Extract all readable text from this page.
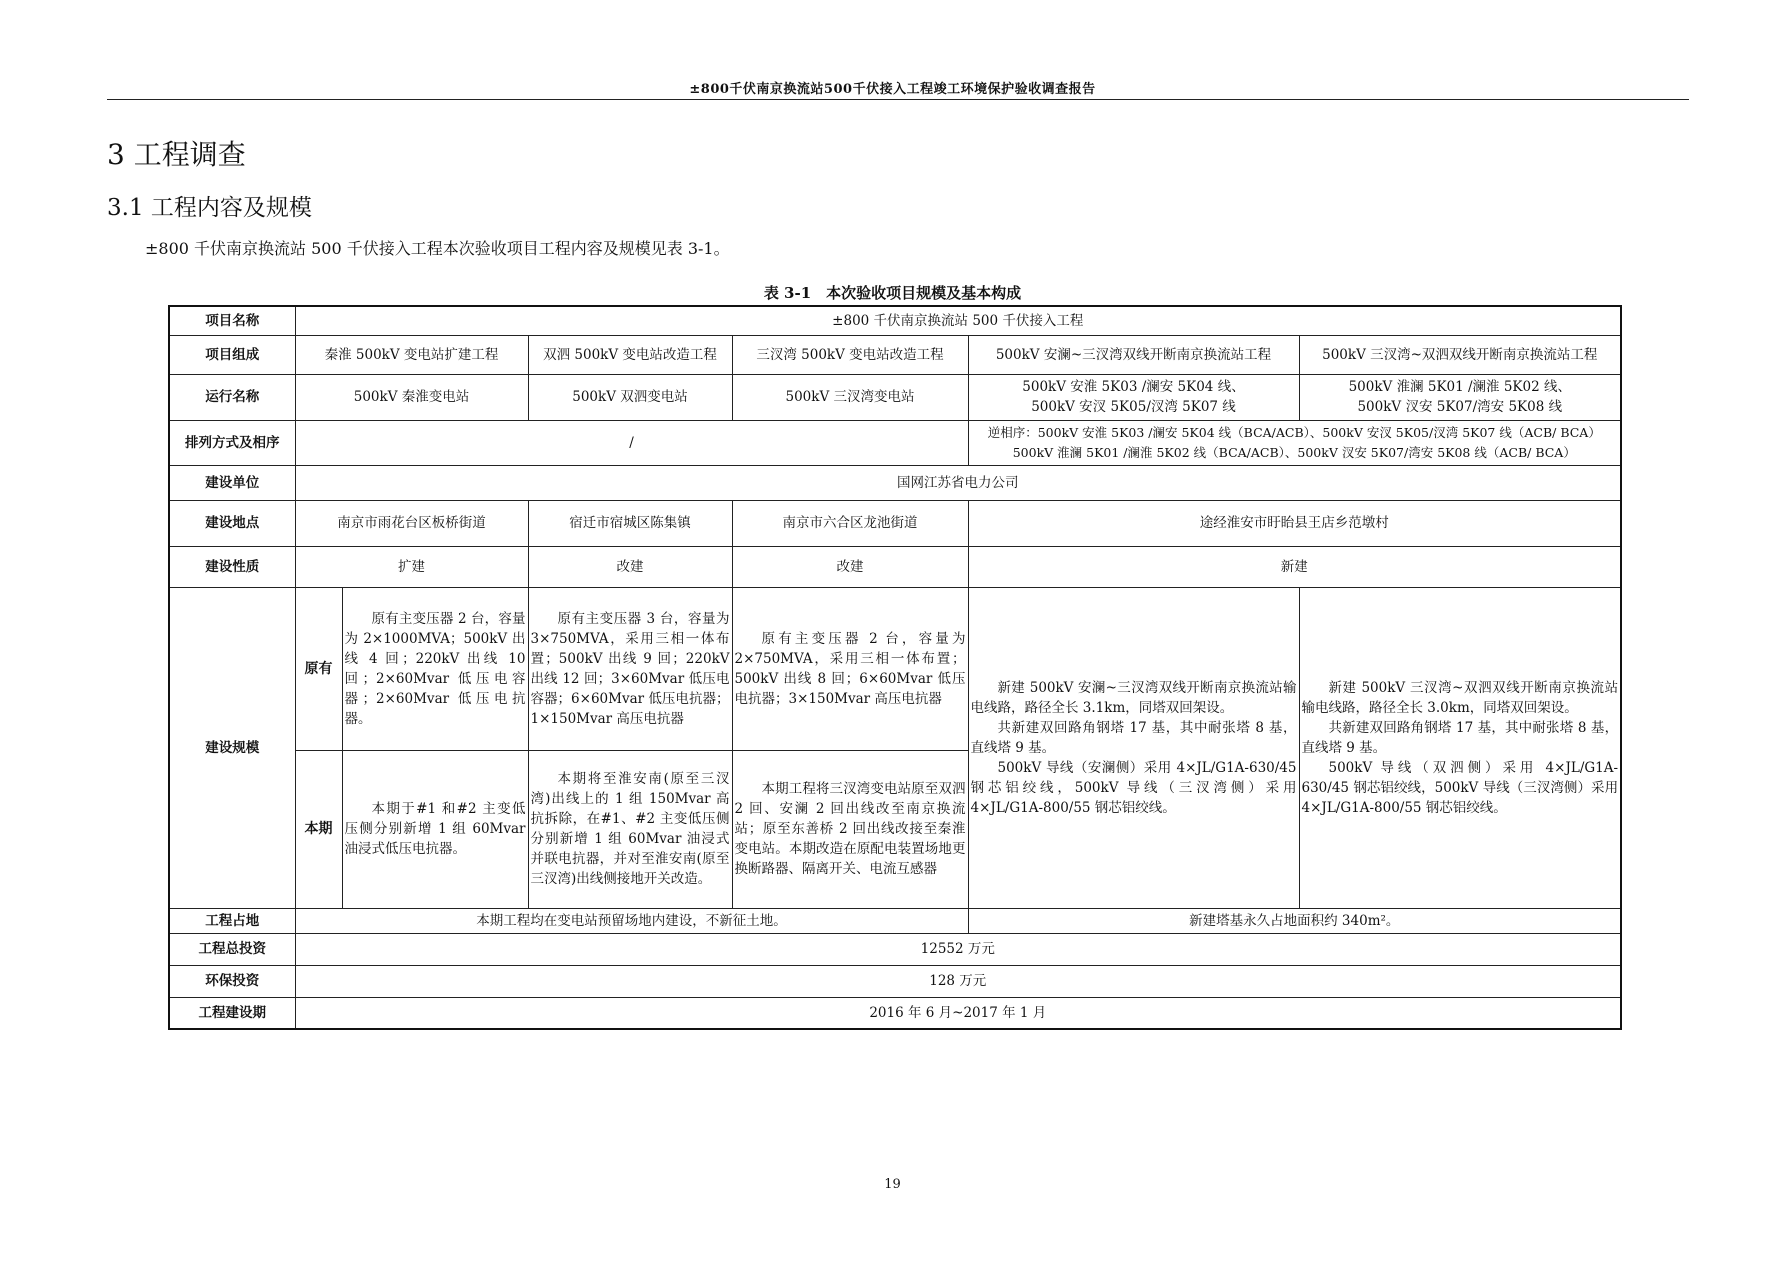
±800千伏南京换流站500千伏接入工程竣工环境保护验收调查报告
3 工程调查
3.1 工程内容及规模

±800 千伏南京换流站 500 千伏接入工程本次验收项目工程内容及规模见表 3-1。

表 3-1　本次验收项目规模及基本构成

项目名称	±800 千伏南京换流站 500 千伏接入工程					
项目组成	秦淮 500kV 变电站扩建工程		双泗 500kV 变电站改造工程	三汊湾 500kV 变电站改造工程	500kV 安澜~三汊湾双线开断南京换流站工程	500kV 三汊湾~双泗双线开断南京换流站工程
运行名称	500kV 秦淮变电站		500kV 双泗变电站	500kV 三汊湾变电站	500kV 安淮 5K03 /澜安 5K04 线、
500kV 安汊 5K05/汊湾 5K07 线	500kV 淮澜 5K01 /澜淮 5K02 线、
500kV 汊安 5K07/湾安 5K08 线

排列方式及相序	/				逆相序：500kV 安淮 5K03 /澜安 5K04 线（BCA/ACB）、500kV 安汊 5K05/汊湾 5K07 线（ACB/ BCA）
500kV 淮澜 5K01 /澜淮 5K02 线（BCA/ACB）、500kV 汊安 5K07/湾安 5K08 线（ACB/ BCA）	

建设单位	国网江苏省电力公司					
建设地点	南京市雨花台区板桥街道		宿迁市宿城区陈集镇	南京市六合区龙池街道	途经淮安市盱眙县王店乡范墩村	
建设性质	扩建		改建	改建	新建	
建设规模	原有	原有主变压器 2 台，容量为 2×1000MVA；500kV 出线 4 回；220kV 出线 10 回；2×60Mvar 低压电容器；2×60Mvar 低压电抗器。	原有主变压器 3 台，容量为 3×750MVA，采用三相一体布置；500kV 出线 9 回；220kV 出线 12 回；3×60Mvar 低压电容器；6×60Mvar 低压电抗器；1×150Mvar 高压电抗器	原有主变压器 2 台，容量为 2×750MVA，采用三相一体布置；500kV 出线 8 回；6×60Mvar 低压电抗器；3×150Mvar 高压电抗器	新建 500kV 安澜~三汊湾双线开断南京换流站输电线路，路径全长 3.1km，同塔双回架设。
共新建双回路角钢塔 17 基，其中耐张塔 8 基，直线塔 9 基。
500kV 导线（安澜侧）采用 4×JL/G1A-630/45 钢芯铝绞线，500kV 导线（三汊湾侧）采用 4×JL/G1A-800/55 钢芯铝绞线。	新建 500kV 三汊湾~双泗双线开断南京换流站输电线路，路径全长 3.0km，同塔双回架设。
共新建双回路角钢塔 17 基，其中耐张塔 8 基，直线塔 9 基。
500kV 导线（双泗侧）采用 4×JL/G1A-630/45 钢芯铝绞线，500kV 导线（三汊湾侧）采用 4×JL/G1A-800/55 钢芯铝绞线。

	本期	本期于#1 和#2 主变低压侧分别新增 1 组 60Mvar 油浸式低压电抗器。	本期将至淮安南(原至三汊湾)出线上的 1 组 150Mvar 高抗拆除，在#1、#2 主变低压侧分别新增 1 组 60Mvar 油浸式并联电抗器，并对至淮安南(原至三汊湾)出线侧接地开关改造。	本期工程将三汊湾变电站原至双泗 2 回、安澜 2 回出线改至南京换流站；原至东善桥 2 回出线改接至秦淮变电站。本期改造在原配电装置场地更换断路器、隔离开关、电流互感器		

工程占地	本期工程均在变电站预留场地内建设，不新征土地。				新建塔基永久占地面积约 340m²。	
工程总投资	12552 万元					
环保投资	128 万元					
工程建设期	2016 年 6 月~2017 年 1 月					
19
